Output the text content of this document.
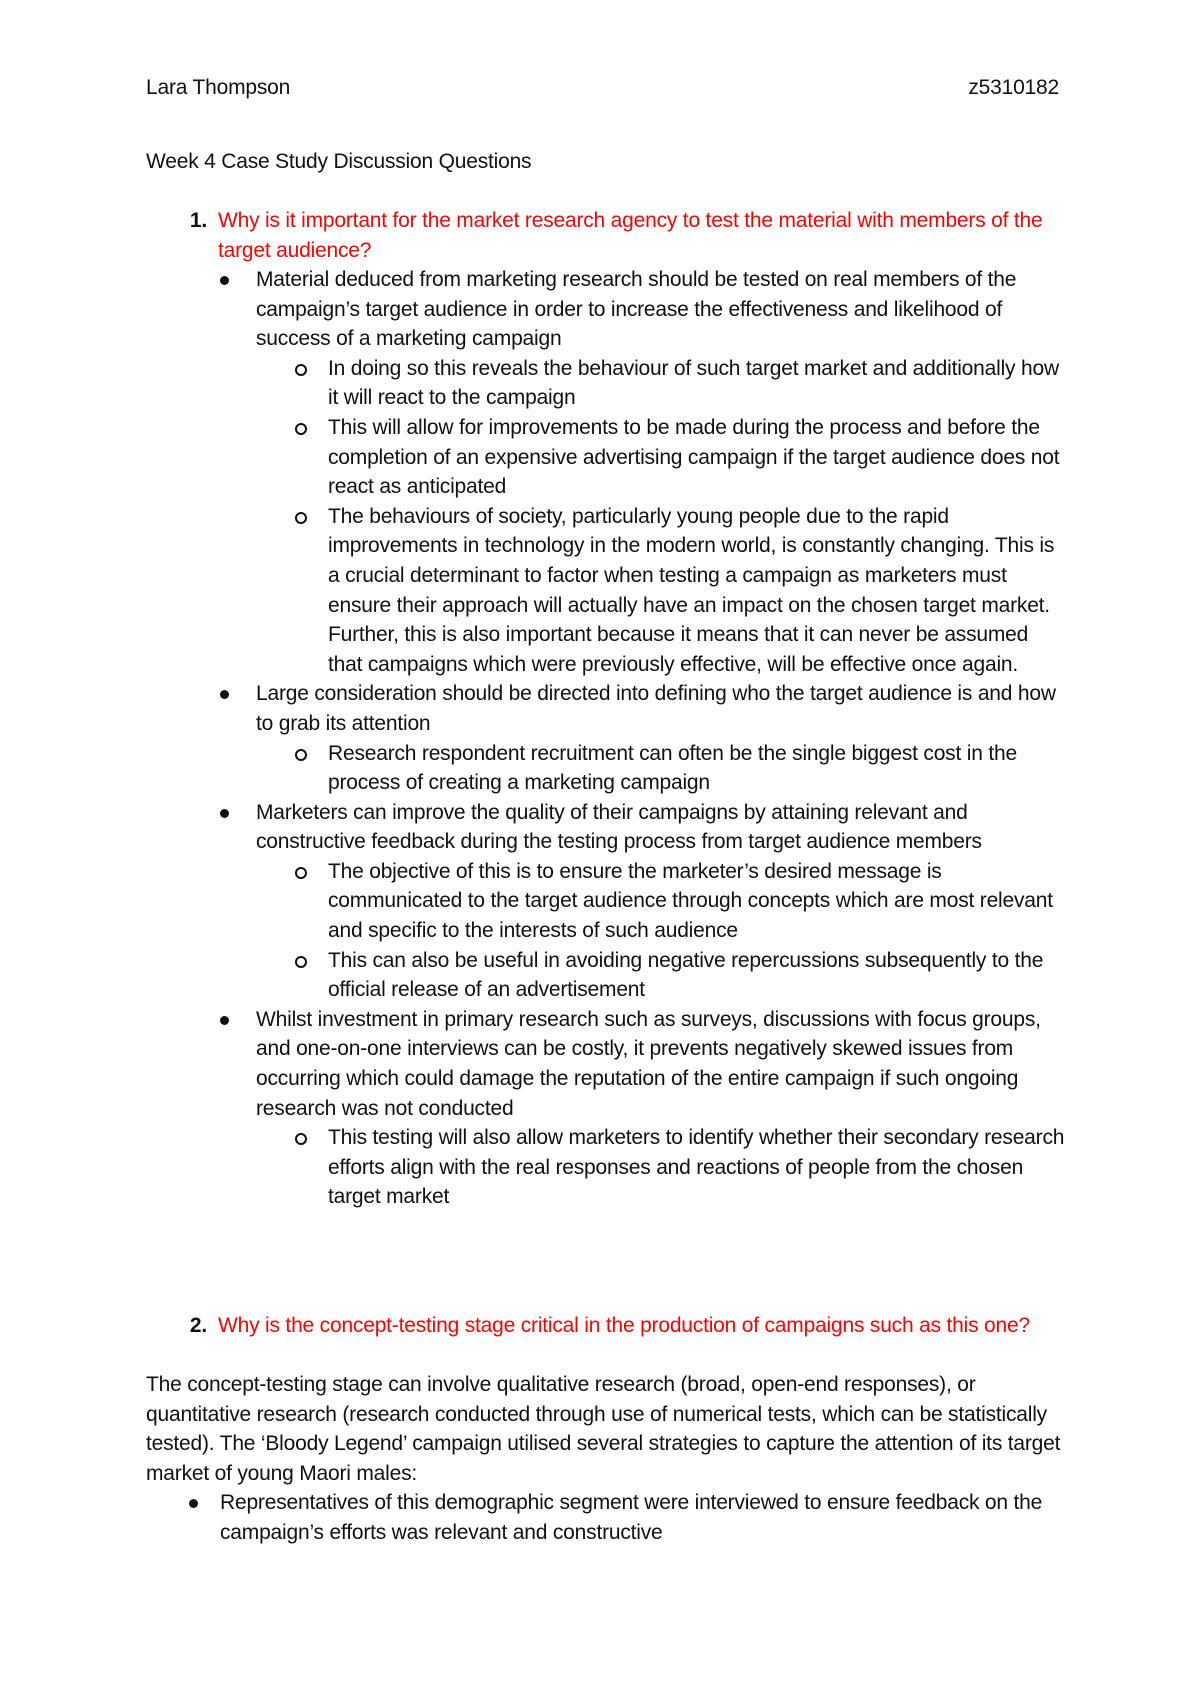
Lara Thompson	z5310182
Week 4 Case Study Discussion Questions
1. Why is it important for the market research agency to test the material with members of the target audience?
Material deduced from marketing research should be tested on real members of the campaign’s target audience in order to increase the effectiveness and likelihood of success of a marketing campaign
In doing so this reveals the behaviour of such target market and additionally how it will react to the campaign
This will allow for improvements to be made during the process and before the completion of an expensive advertising campaign if the target audience does not react as anticipated
The behaviours of society, particularly young people due to the rapid improvements in technology in the modern world, is constantly changing. This is a crucial determinant to factor when testing a campaign as marketers must ensure their approach will actually have an impact on the chosen target market. Further, this is also important because it means that it can never be assumed that campaigns which were previously effective, will be effective once again.
Large consideration should be directed into defining who the target audience is and how to grab its attention
Research respondent recruitment can often be the single biggest cost in the process of creating a marketing campaign
Marketers can improve the quality of their campaigns by attaining relevant and constructive feedback during the testing process from target audience members
The objective of this is to ensure the marketer’s desired message is communicated to the target audience through concepts which are most relevant and specific to the interests of such audience
This can also be useful in avoiding negative repercussions subsequently to the official release of an advertisement
Whilst investment in primary research such as surveys, discussions with focus groups, and one-on-one interviews can be costly, it prevents negatively skewed issues from occurring which could damage the reputation of the entire campaign if such ongoing research was not conducted
This testing will also allow marketers to identify whether their secondary research efforts align with the real responses and reactions of people from the chosen target market
2. Why is the concept-testing stage critical in the production of campaigns such as this one?
The concept-testing stage can involve qualitative research (broad, open-end responses), or quantitative research (research conducted through use of numerical tests, which can be statistically tested). The ‘Bloody Legend’ campaign utilised several strategies to capture the attention of its target market of young Maori males:
Representatives of this demographic segment were interviewed to ensure feedback on the campaign’s efforts was relevant and constructive
